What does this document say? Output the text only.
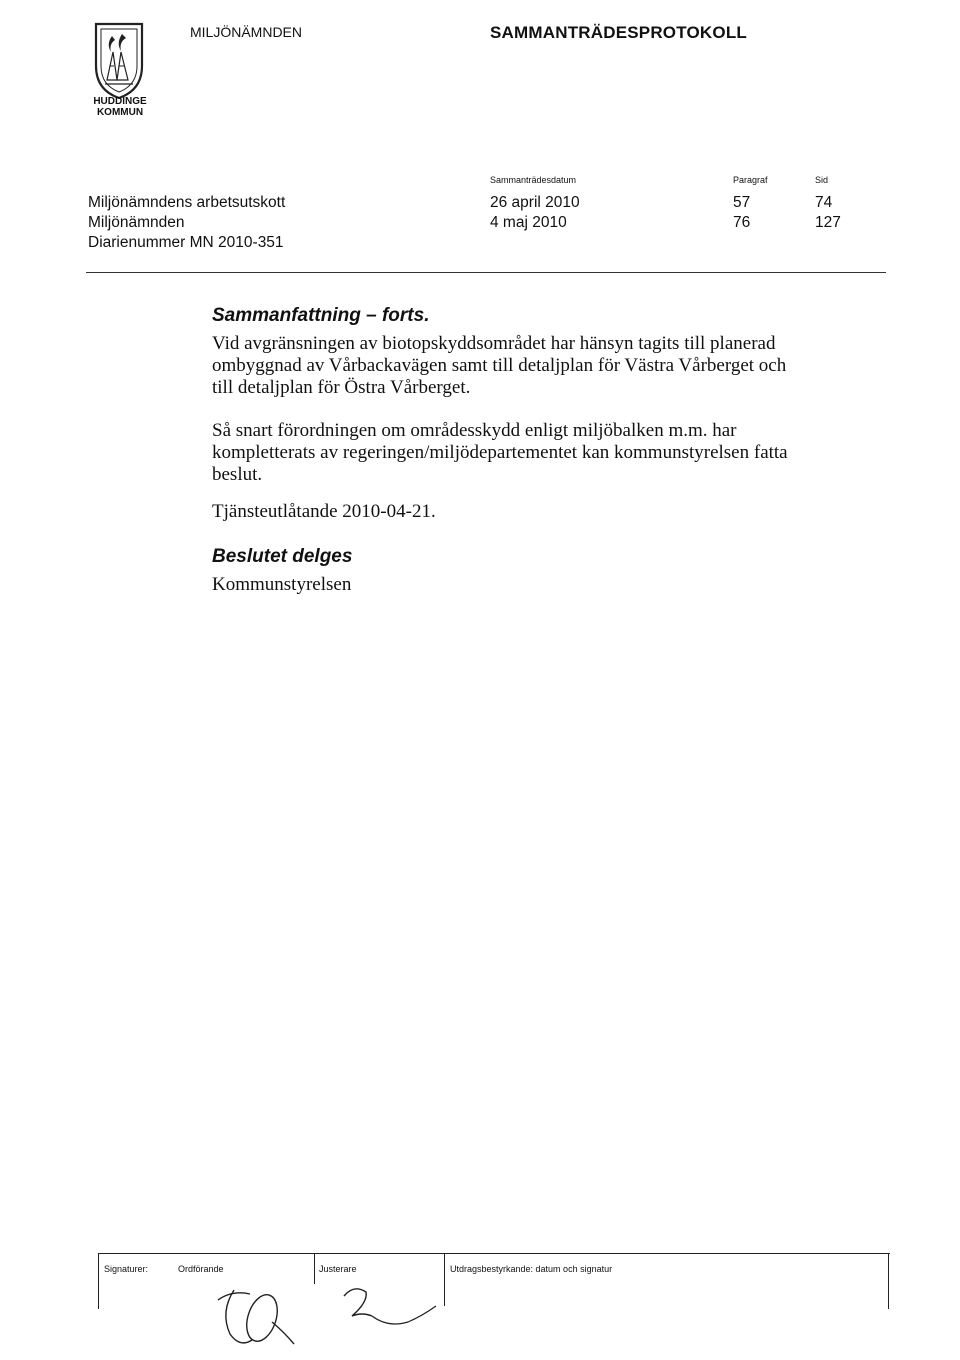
HUDDINGE
KOMMUN
MILJÖNÄMNDEN	SAMMANTRÄDESPROTOKOLL
Sammanträdesdatum	Paragraf	Sid
Miljönämndens arbetsutskott	26 april 2010	57	74
Miljönämnden	4 maj 2010	76	127
Diarienummer MN 2010-351
Sammanfattning – forts.
Vid avgränsningen av biotopskyddsområdet har hänsyn tagits till planerad ombyggnad av Vårbackavägen samt till detaljplan för Västra Vårberget och till detaljplan för Östra Vårberget.
Så snart förordningen om områdesskydd enligt miljöbalken m.m. har kompletterats av regeringen/miljödepartementet kan kommunstyrelsen fatta beslut.
Tjänsteutlåtande 2010-04-21.
Beslutet delges
Kommunstyrelsen
Signaturer:	Ordförande	Justerare	Utdragsbestyrkande: datum och signatur
